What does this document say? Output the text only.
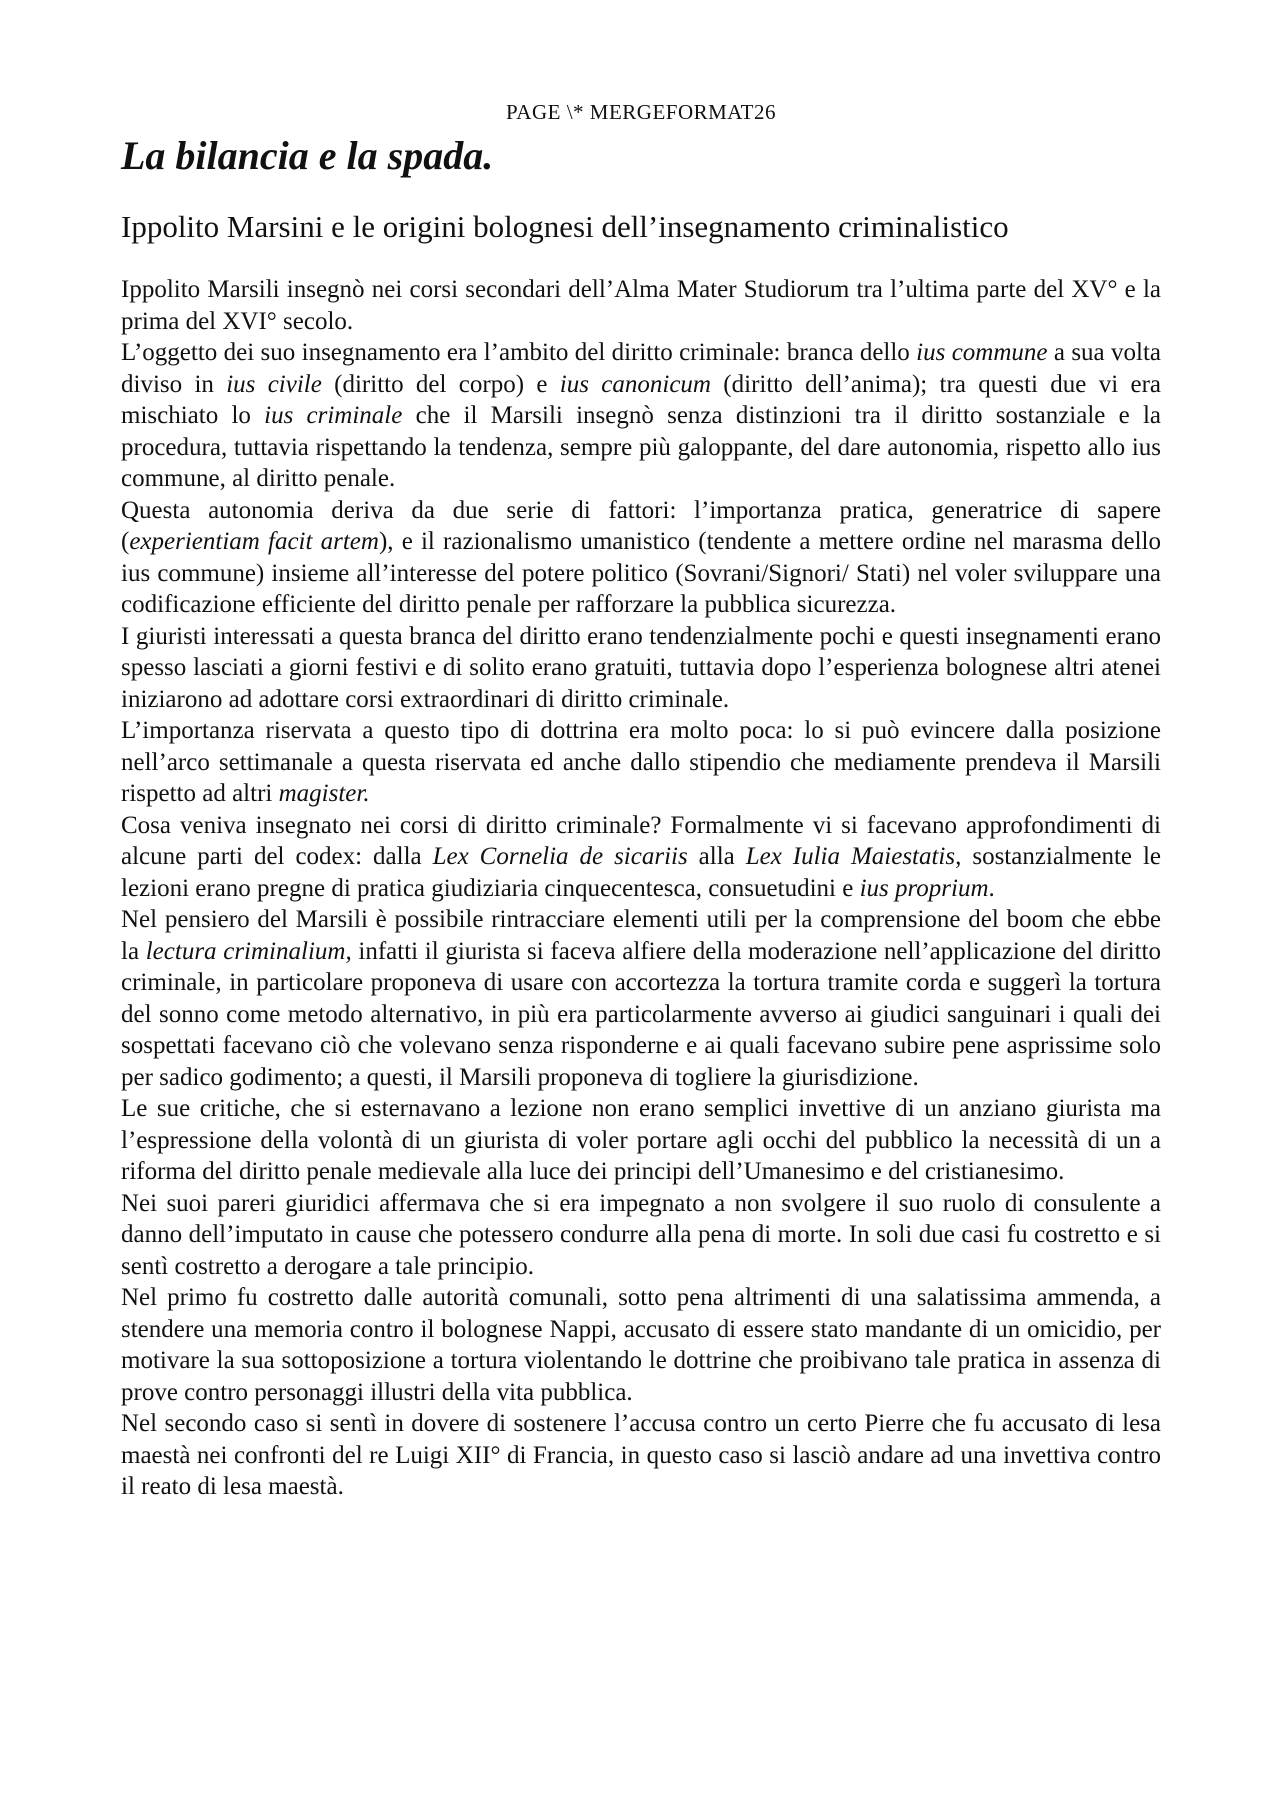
PAGE \* MERGEFORMAT26
La bilancia e la spada.
Ippolito Marsini e le origini bolognesi dell’insegnamento criminalistico

Ippolito Marsili insegnò nei corsi secondari dell’Alma Mater Studiorum tra l’ultima parte del XV° e la prima del XVI° secolo.

L’oggetto dei suo insegnamento era l’ambito del diritto criminale: branca dello ius commune a sua volta diviso in ius civile (diritto del corpo) e ius canonicum (diritto dell’anima); tra questi due vi era mischiato lo ius criminale che il Marsili insegnò senza distinzioni tra il diritto sostanziale e la procedura, tuttavia rispettando la tendenza, sempre più galoppante, del dare autonomia, rispetto allo ius commune, al diritto penale.

Questa autonomia deriva da due serie di fattori: l’importanza pratica, generatrice di sapere (experientiam facit artem), e il razionalismo umanistico (tendente a mettere ordine nel marasma dello ius commune) insieme all’interesse del potere politico (Sovrani/Signori/ Stati) nel voler sviluppare una codificazione efficiente del diritto penale per rafforzare la pubblica sicurezza.

I giuristi interessati a questa branca del diritto erano tendenzialmente pochi e questi insegnamenti erano spesso lasciati a giorni festivi e di solito erano gratuiti, tuttavia dopo l’esperienza bolognese altri atenei iniziarono ad adottare corsi extraordinari di diritto criminale.

L’importanza riservata a questo tipo di dottrina era molto poca: lo si può evincere dalla posizione nell’arco settimanale a questa riservata ed anche dallo stipendio che mediamente prendeva il Marsili rispetto ad altri magister.

Cosa veniva insegnato nei corsi di diritto criminale? Formalmente vi si facevano approfondimenti di alcune parti del codex: dalla Lex Cornelia de sicariis alla Lex Iulia Maiestatis, sostanzialmente le lezioni erano pregne di pratica giudiziaria cinquecentesca, consuetudini e ius proprium.

Nel pensiero del Marsili è possibile rintracciare elementi utili per la comprensione del boom che ebbe la lectura criminalium, infatti il giurista si faceva alfiere della moderazione nell’applicazione del diritto criminale, in particolare proponeva di usare con accortezza la tortura tramite corda e suggerì la tortura del sonno come metodo alternativo, in più era particolarmente avverso ai giudici sanguinari i quali dei sospettati facevano ciò che volevano senza risponderne e ai quali facevano subire pene asprissime solo per sadico godimento; a questi, il Marsili proponeva di togliere la giurisdizione.

Le sue critiche, che si esternavano a lezione non erano semplici invettive di un anziano giurista ma l’espressione della volontà di un giurista di voler portare agli occhi del pubblico la necessità di un a riforma del diritto penale medievale alla luce dei principi dell’Umanesimo e del cristianesimo.

Nei suoi pareri giuridici affermava che si era impegnato a non svolgere il suo ruolo di consulente a danno dell’imputato in cause che potessero condurre alla pena di morte. In soli due casi fu costretto e si sentì costretto a derogare a tale principio.

Nel primo fu costretto dalle autorità comunali, sotto pena altrimenti di una salatissima ammenda, a stendere una memoria contro il bolognese Nappi, accusato di essere stato mandante di un omicidio, per motivare la sua sottoposizione a tortura violentando le dottrine che proibivano tale pratica in assenza di prove contro personaggi illustri della vita pubblica.

Nel secondo caso si sentì in dovere di sostenere l’accusa contro un certo Pierre che fu accusato di lesa maestà nei confronti del re Luigi XII° di Francia, in questo caso si lasciò andare ad una invettiva contro il reato di lesa maestà.
